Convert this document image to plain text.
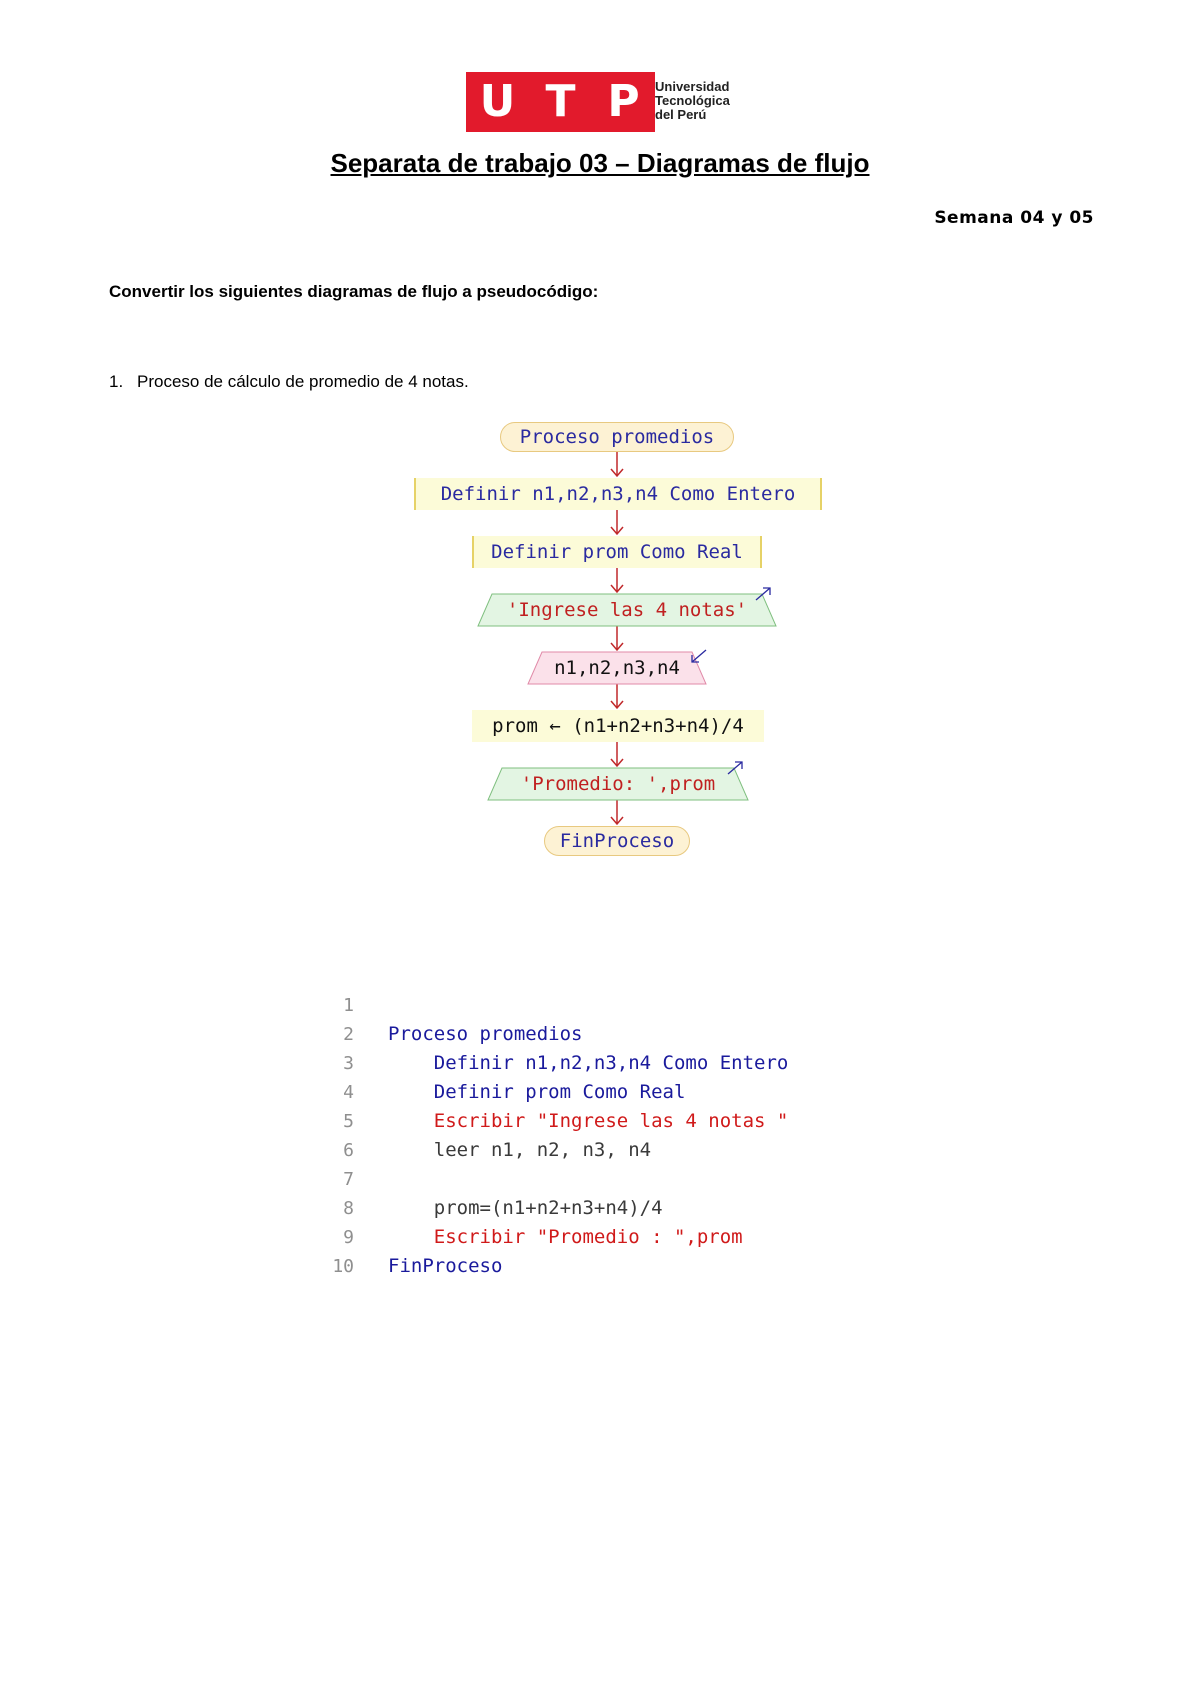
U T P	Universidad
Tecnológica
del Perú
Separata de trabajo 03 – Diagramas de flujo
Semana 04 y 05
Convertir los siguientes diagramas de flujo a pseudocódigo:
1. Proceso de cálculo de promedio de 4 notas.
Proceso promedios
Definir n1,n2,n3,n4 Como Entero
Definir prom Como Real
'Ingrese las 4 notas'
n1,n2,n3,n4
prom ← (n1+n2+n3+n4)/4
'Promedio: ',prom
FinProceso

1

Proceso promedios

2

Definir n1,n2,n3,n4 Como Entero

3

Definir prom Como Real

4

Escribir "Ingrese las 4 notas "

5

leer n1, n2, n3, n4

6

7

prom=(n1+n2+n3+n4)/4

8

Escribir "Promedio : ",prom

9

FinProceso

10
